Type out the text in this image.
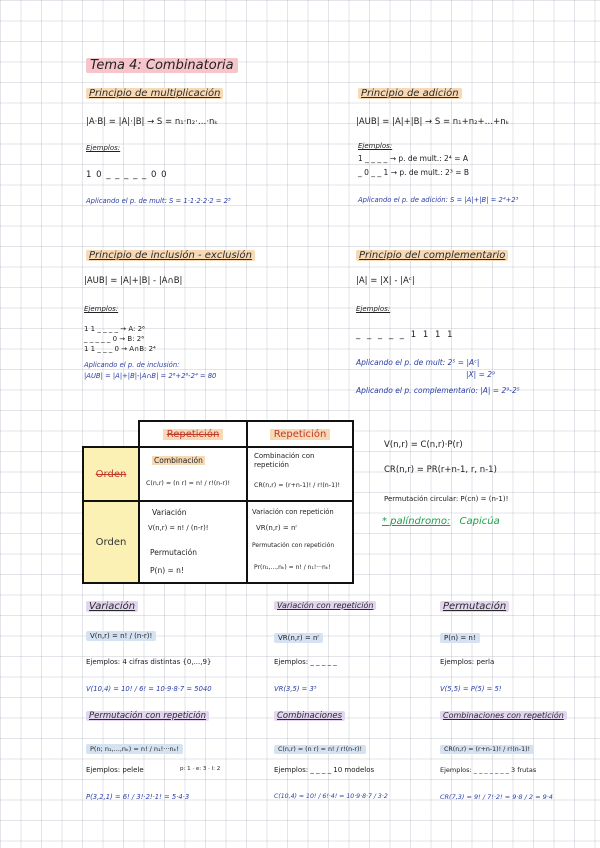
Tema 4: Combinatoria
Principio de multiplicación
|A·B| = |A|·|B| → S = n₁·n₂·…·nₖ
Ejemplos:
1 0 _ _ _ _ _ 0 0
Aplicando el p. de mult: S = 1·1·2·2·2 = 2⁵
Principio de adición
|AUB| = |A|+|B| → S = n₁+n₂+…+nₖ
Ejemplos:
1 _ _ _ _ → p. de mult.: 2⁴ = A
_ 0 _ _ 1 → p. de mult.: 2³ = B
Aplicando el p. de adición: S = |A|+|B| = 2⁴+2³
Principio de inclusión - exclusión
|AUB| = |A|+|B| - |A∩B|
Ejemplos:
1 1 _ _ _ _ → A: 2⁶
_ _ _ _ _ 0 → B: 2⁶
1 1 _ _ _ 0 → A∩B: 2⁴
Aplicando el p. de inclusión:
|AUB| = |A|+|B|-|A∩B| = 2⁶+2⁶-2⁴ = 80
Principio del complementario
|A| = |X| - |Aᶜ|
Ejemplos:
_ _ _ _ _ 1 1 1 1
Aplicando el p. de mult: 2⁵ = |Aᶜ|
|X| = 2⁹
Aplicando el p. complementario: |A| = 2⁹-2⁵
Repetición	Repetición
Orden
Orden
Combinación
C(n,r) = (n r) = n! / r!(n-r)!
Combinación con repetición
CR(n,r) = (r+n-1)! / r!(n-1)!
Variación
V(n,r) = n! / (n-r)!
Permutación
P(n) = n!
Variación con repetición
VR(n,r) = nʳ
Permutación con repetición
Pr(n₁,...,nₖ) = n! / n₁!···nₖ!
V(n,r) = C(n,r)·P(r)
CR(n,r) = PR(r+n-1, r, n-1)
Permutación circular: P(cn) = (n-1)!
* palíndromo: Capicúa
Variación
V(n,r) = n! / (n-r)!
Ejemplos: 4 cifras distintas {0,...,9}
V(10,4) = 10! / 6! = 10·9·8·7 = 5040
Variación con repetición
VR(n,r) = nʳ
Ejemplos: _ _ _ _ _
VR(3,5) = 3⁵
Permutación
P(n) = n!
Ejemplos: perla
V(5,5) = P(5) = 5!
Permutación con repetición
P(n; n₁,...,nₖ) = n! / n₁!···nₖ!
Ejemplos: pelele	p: 1 · e: 3 · l: 2
P(3,2,1) = 6! / 3!·2!·1! = 5·4·3
Combinaciones
C(n,r) = (n r) = n! / r!(n-r)!
Ejemplos: _ _ _ _ 10 modelos
C(10,4) = 10! / 6!·4! = 10·9·8·7 / 3·2
Combinaciones con repetición
CR(n,r) = (r+n-1)! / r!(n-1)!
Ejemplos: _ _ _ _ _ _ _ 3 frutas
CR(7,3) = 9! / 7!·2! = 9·8 / 2 = 9·4
